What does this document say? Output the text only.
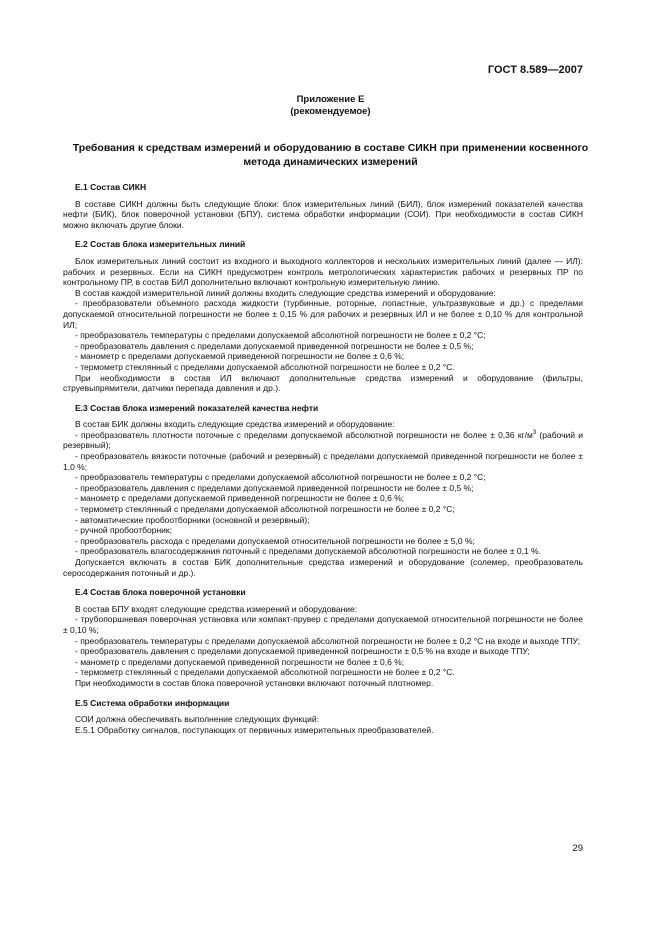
ГОСТ 8.589—2007
Приложение Е
(рекомендуемое)
Требования к средствам измерений и оборудованию в составе СИКН при применении косвенного метода динамических измерений
Е.1 Состав СИКН

В составе СИКН должны быть следующие блоки: блок измерительных линий (БИЛ), блок измерений показателей качества нефти (БИК), блок поверочной установки (БПУ), система обработки информации (СОИ). При необходимости в состав СИКН можно включать другие блоки.

Е.2 Состав блока измерительных линий

Блок измерительных линий состоит из входного и выходного коллекторов и нескольких измерительных линий (далее — ИЛ): рабочих и резервных. Если на СИКН предусмотрен контроль метрологических характеристик рабочих и резервных ПР по контрольному ПР, в состав БИЛ дополнительно включают контрольную измерительную линию.

В состав каждой измерительной линий должны входить следующие средства измерений и оборудование:

- преобразователи объемного расхода жидкости (турбинные, роторные, лопастные, ультразвуковые и др.) с пределами допускаемой относительной погрешности не более ± 0,15 % для рабочих и резервных ИЛ и не более ± 0,10 % для контрольной ИЛ;

- преобразователь температуры с пределами допускаемой абсолютной погрешности не более ± 0,2 °С;

- преобразователь давления с пределами допускаемой приведенной погрешности не более ± 0,5 %;

- манометр с пределами допускаемой приведенной погрешности не более ± 0,6 %;

- термометр стеклянный с пределами допускаемой абсолютной погрешности не более ± 0,2 °С.

При необходимости в состав ИЛ включают дополнительные средства измерений и оборудование (фильтры, струевыпрямители, датчики перепада давления и др.).

Е.3 Состав блока измерений показателей качества нефти

В состав БИК должны входить следующие средства измерений и оборудование:

- преобразователь плотности поточные с пределами допускаемой абсолютной погрешности не более ± 0,36 $кг/м^3$ (рабочий и резервный);

- преобразователь вязкости поточные (рабочий и резервный) с пределами допускаемой приведенной погрешности не более ± 1,0 %;

- преобразователь температуры с пределами допускаемой абсолютной погрешности не более ± 0,2 °С;

- преобразователь давления с пределами допускаемой приведенной погрешности не более ± 0,5 %;

- манометр с пределами допускаемой приведенной погрешности не более ± 0,6 %;

- термометр стеклянный с пределами допускаемой абсолютной погрешности не более ± 0,2 °С;

- автоматические пробоотборники (основной и резервный);

- ручной пробоотборник;

- преобразователь расхода с пределами допускаемой относительной погрешности не более ± 5,0 %;

- преобразователь влагосодержания поточный с пределами допускаемой абсолютной погрешности не более ± 0,1 %.

Допускается включать в состав БИК дополнительные средства измерений и оборудование (солемер, преобразователь серосодержания поточный и др.).

Е.4 Состав блока поверочной установки

В состав БПУ входят следующие средства измерений и оборудование:

- трубопоршневая поверочная установка или компакт-прувер с пределами допускаемой относительной погрешности не более ± 0,10 %;

- преобразователь температуры с пределами допускаемой абсолютной погрешности не более ± 0,2 °С на входе и выходе ТПУ;

- преобразователь давления с пределами допускаемой приведенной погрешности ± 0,5 % на входе и выходе ТПУ;

- манометр с пределами допускаемой приведенной погрешности не более ± 0,6 %;

- термометр стеклянный с пределами допускаемой абсолютной погрешности не более ± 0,2 °С.

При необходимости в состав блока поверочной установки включают поточный плотномер.

Е.5 Система обработки информации

СОИ должна обеспечивать выполнение следующих функций:

Е.5.1 Обработку сигналов, поступающих от первичных измерительных преобразователей.

29
